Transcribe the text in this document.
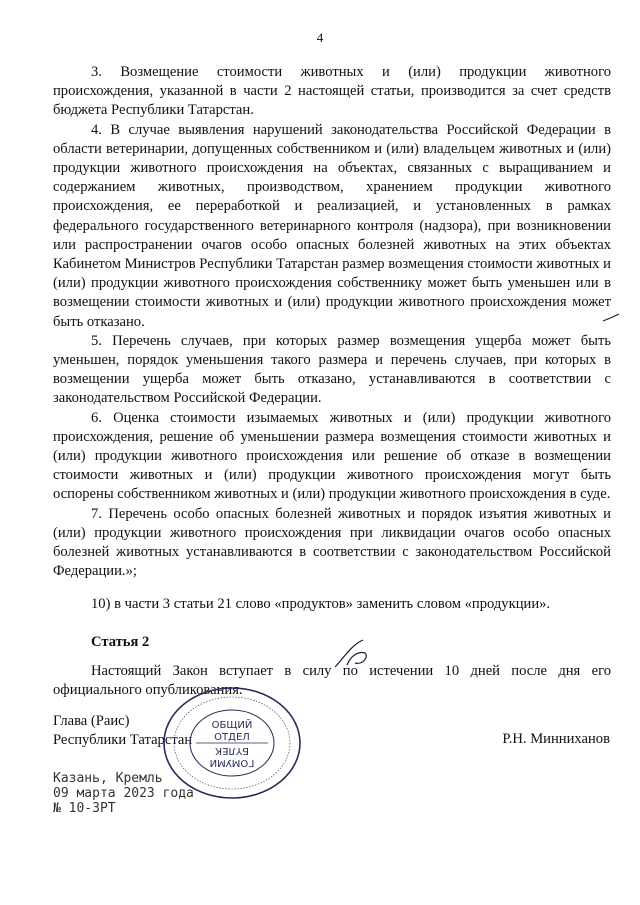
4

3. Возмещение стоимости животных и (или) продукции животного происхождения, указанной в части 2 настоящей статьи, производится за счет средств бюджета Республики Татарстан.

4. В случае выявления нарушений законодательства Российской Федерации в области ветеринарии, допущенных собственником и (или) владельцем животных и (или) продукции животного происхождения на объектах, связанных с выращиванием и содержанием животных, производством, хранением продукции животного происхождения, ее переработкой и реализацией, и установленных в рамках федерального государственного ветеринарного контроля (надзора), при возникновении или распространении очагов особо опасных болезней животных на этих объектах Кабинетом Министров Республики Татарстан размер возмещения стоимости животных и (или) продукции животного происхождения собственнику может быть уменьшен или в возмещении стоимости животных и (или) продукции животного происхождения может быть отказано.

5. Перечень случаев, при которых размер возмещения ущерба может быть уменьшен, порядок уменьшения такого размера и перечень случаев, при которых в возмещении ущерба может быть отказано, устанавливаются в соответствии с законодательством Российской Федерации.

6. Оценка стоимости изымаемых животных и (или) продукции животного происхождения, решение об уменьшении размера возмещения стоимости животных и (или) продукции животного происхождения или решение об отказе в возмещении стоимости животных и (или) продукции животного происхождения могут быть оспорены собственником животных и (или) продукции животного происхождения в суде.

7. Перечень особо опасных болезней животных и порядок изъятия животных и (или) продукции животного происхождения при ликвидации очагов особо опасных болезней животных устанавливаются в соответствии с законодательством Российской Федерации.»;

10) в части 3 статьи 21 слово «продуктов» заменить словом «продукции».

Статья 2

Настоящий Закон вступает в силу по истечении 10 дней после дня его официального опубликования.

Глава (Раис)
Республики Татарстан	Р.Н. Минниханов
ОБЩИЙ
ОТДЕЛ
БҮЛЕК
ГОМУМИ
Казань, Кремль
09 марта 2023 года
№ 10-ЗРТ
